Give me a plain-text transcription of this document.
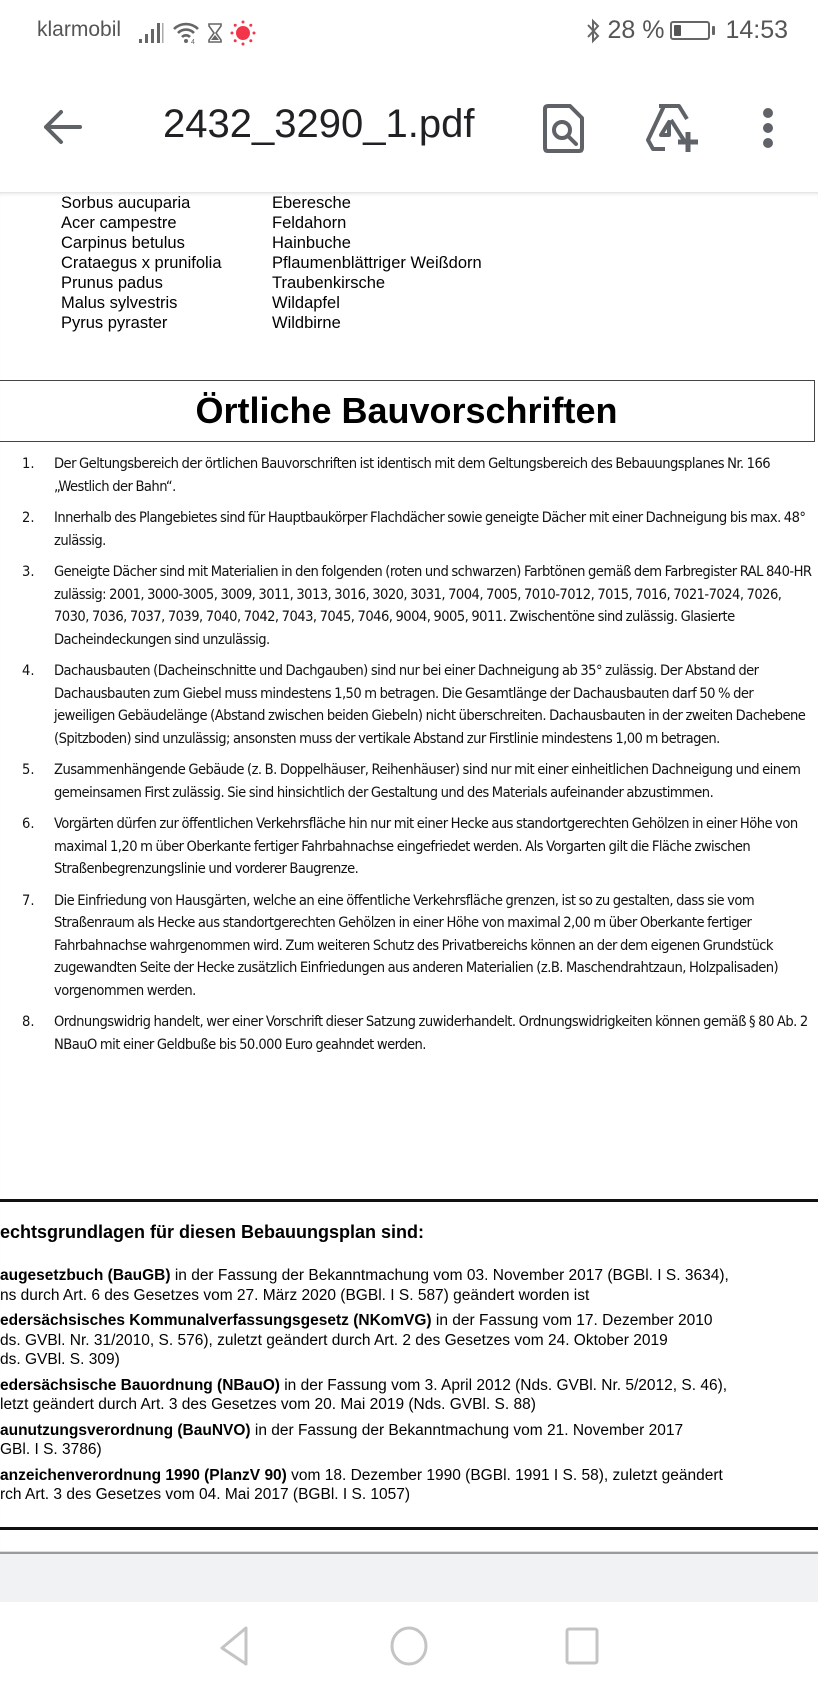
klarmobil
4	28 % 14:53
2432_3290_1.pdf
Sorbus aucuparia	Eberesche
Acer campestre	Feldahorn
Carpinus betulus	Hainbuche
Crataegus x prunifolia	Pflaumenblättriger Weißdorn
Prunus padus	Traubenkirsche
Malus sylvestris	Wildapfel
Pyrus pyraster	Wildbirne
Örtliche Bauvorschriften
1.	Der Geltungsbereich der örtlichen Bauvorschriften ist identisch mit dem Geltungsbereich des Bebauungsplanes Nr. 166 „Westlich der Bahn“.
2.	Innerhalb des Plangebietes sind für Hauptbaukörper Flachdächer sowie geneigte Dächer mit einer Dachneigung bis max. 48° zulässig.
3.	Geneigte Dächer sind mit Materialien in den folgenden (roten und schwarzen) Farbtönen gemäß dem Farbregister RAL 840-HR zulässig: 2001, 3000-3005, 3009, 3011, 3013, 3016, 3020, 3031, 7004, 7005, 7010-7012, 7015, 7016, 7021-7024, 7026, 7030, 7036, 7037, 7039, 7040, 7042, 7043, 7045, 7046, 9004, 9005, 9011. Zwischentöne sind zulässig. Glasierte Dacheindeckungen sind unzulässig.
4.	Dachausbauten (Dacheinschnitte und Dachgauben) sind nur bei einer Dachneigung ab 35° zulässig. Der Abstand der Dachausbauten zum Giebel muss mindestens 1,50 m betragen. Die Gesamtlänge der Dachausbauten darf 50 % der jeweiligen Gebäudelänge (Abstand zwischen beiden Giebeln) nicht überschreiten. Dachausbauten in der zweiten Dachebene (Spitzboden) sind unzulässig; ansonsten muss der vertikale Abstand zur Firstlinie mindestens 1,00 m betragen.
5.	Zusammenhängende Gebäude (z. B. Doppelhäuser, Reihenhäuser) sind nur mit einer einheitlichen Dachneigung und einem gemeinsamen First zulässig. Sie sind hinsichtlich der Gestaltung und des Materials aufeinander abzustimmen.
6.	Vorgärten dürfen zur öffentlichen Verkehrsfläche hin nur mit einer Hecke aus standortgerechten Gehölzen in einer Höhe von maximal 1,20 m über Oberkante fertiger Fahrbahnachse eingefriedet werden. Als Vorgarten gilt die Fläche zwischen Straßenbegrenzungslinie und vorderer Baugrenze.
7.	Die Einfriedung von Hausgärten, welche an eine öffentliche Verkehrsfläche grenzen, ist so zu gestalten, dass sie vom Straßenraum als Hecke aus standortgerechten Gehölzen in einer Höhe von maximal 2,00 m über Oberkante fertiger Fahrbahnachse wahrgenommen wird. Zum weiteren Schutz des Privatbereichs können an der dem eigenen Grundstück zugewandten Seite der Hecke zusätzlich Einfriedungen aus anderen Materialien (z.B. Maschendrahtzaun, Holzpalisaden) vorgenommen werden.
8.	Ordnungswidrig handelt, wer einer Vorschrift dieser Satzung zuwiderhandelt. Ordnungswidrigkeiten können gemäß § 80 Ab. 2 NBauO mit einer Geldbuße bis 50.000 Euro geahndet werden.
echtsgrundlagen für diesen Bebauungsplan sind:
augesetzbuch (BauGB) in der Fassung der Bekanntmachung vom 03. November 2017 (BGBl. I S. 3634),
ns durch Art. 6 des Gesetzes vom 27. März 2020 (BGBl. I S. 587) geändert worden ist
edersächsisches Kommunalverfassungsgesetz (NKomVG) in der Fassung vom 17. Dezember 2010
ds. GVBl. Nr. 31/2010, S. 576), zuletzt geändert durch Art. 2 des Gesetzes vom 24. Oktober 2019
ds. GVBl. S. 309)
edersächsische Bauordnung (NBauO) in der Fassung vom 3. April 2012 (Nds. GVBl. Nr. 5/2012, S. 46),
letzt geändert durch Art. 3 des Gesetzes vom 20. Mai 2019 (Nds. GVBl. S. 88)
aunutzungsverordnung (BauNVO) in der Fassung der Bekanntmachung vom 21. November 2017
GBl. I S. 3786)
anzeichenverordnung 1990 (PlanzV 90) vom 18. Dezember 1990 (BGBl. 1991 I S. 58), zuletzt geändert
rch Art. 3 des Gesetzes vom 04. Mai 2017 (BGBl. I S. 1057)
